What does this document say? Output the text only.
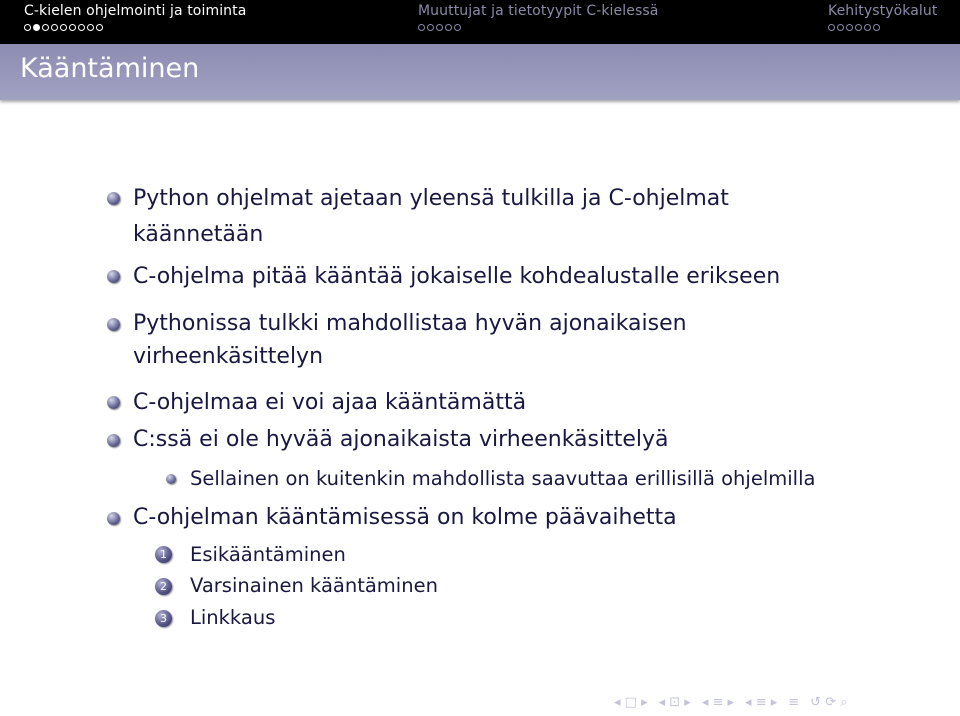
C-kielen ohjelmointi ja toiminta	Muuttujat ja tietotyypit C-kielessä	Kehitystyökalut
Kääntäminen
Python ohjelmat ajetaan yleensä tulkilla ja C-ohjelmat
käännetään
C-ohjelma pitää kääntää jokaiselle kohdealustalle erikseen
Pythonissa tulkki mahdollistaa hyvän ajonaikaisen
virheenkäsittelyn
C-ohjelmaa ei voi ajaa kääntämättä
C:ssä ei ole hyvää ajonaikaista virheenkäsittelyä
Sellainen on kuitenkin mahdollista saavuttaa erillisillä ohjelmilla
C-ohjelman kääntämisessä on kolme päävaihetta
1 Esikääntäminen
2 Varsinainen kääntäminen
3 Linkkaus
◂ □ ▸ ◂ ⊡ ▸ ◂ ≡ ▸ ◂ ≡ ▸ ≡ ↺ ⟳ ⌕
